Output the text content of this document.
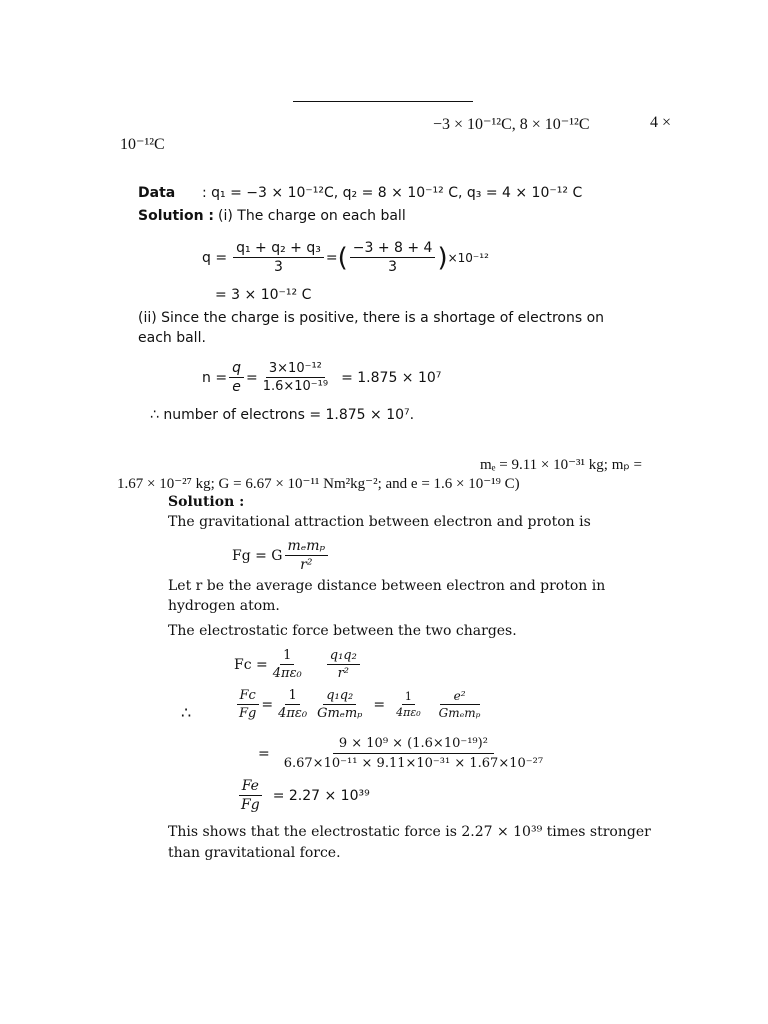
−3 × 10⁻¹²C, 8 × 10⁻¹²C	4 ×
10⁻¹²C
Data : q₁ = −3 × 10⁻¹²C, q₂ = 8 × 10⁻¹² C, q₃ = 4 × 10⁻¹² C
Solution : (i) The charge on each ball
$q = \frac{\text{q₁ + q₂ + q₃}}{3}$ = ( $\frac{-3 + 8 + 4}{3}$ ) ×10⁻¹²
= 3 × 10⁻¹² C
(ii) Since the charge is positive, there is a shortage of electrons on
each ball.
$n = \frac{q}{e} = \frac{\text{3×10⁻¹²}}{\text{1.6×10⁻¹⁹}} = 1.875 \times 10^7$
∴ number of electrons = 1.875 × 10⁷.
mₑ = 9.11 × 10⁻³¹ kg; mₚ =
1.67 × 10⁻²⁷ kg; G = 6.67 × 10⁻¹¹ Nm²kg⁻²; and e = 1.6 × 10⁻¹⁹ C)
Solution :
The gravitational attraction between electron and proton is
Fg = G $\frac{\text{mₑmₚ}}{\text{r²}}$
Let r be the average distance between electron and proton in
hydrogen atom.
The electrostatic force between the two charges.
$Fc = \frac{1}{\text{4πε₀}} \frac{\text{q₁q₂}}{\text{r²}}$
∴	$\frac{Fc}{Fg} = \frac{1}{\text{4πε₀}} \frac{\text{q₁q₂}}{\text{Gmₑmₚ}} = \frac{1}{\text{4πε₀}} \frac{\text{e²}}{\text{Gmₑmₚ}}$
= $\frac{\text{9 × 10⁹ × (1.6×10⁻¹⁹)²}}{\text{6.67×10⁻¹¹ × 9.11×10⁻³¹ × 1.67×10⁻²⁷}}$
$\frac{Fe}{Fg} = 2.27 \times 10^{39}$
This shows that the electrostatic force is 2.27 × 10³⁹ times stronger
than gravitational force.
